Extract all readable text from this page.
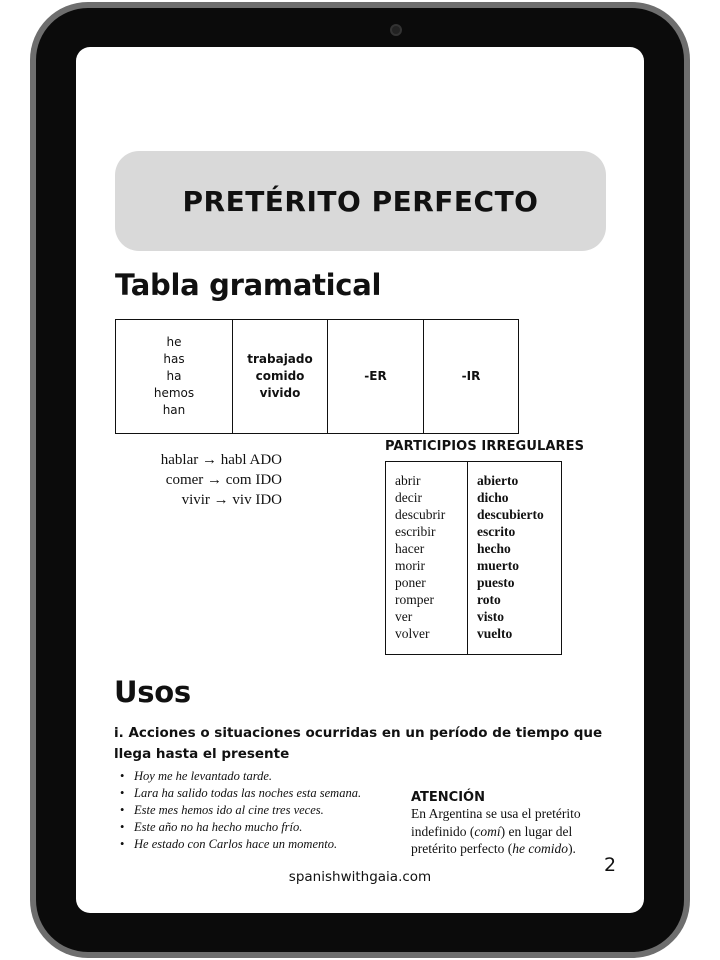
PRETÉRITO PERFECTO
Tabla gramatical
he
has
ha
hemos
han
trabajado
comido
vivido
-ER	-IR
hablar → habl ADO
comer → com IDO
vivir → viv IDO
PARTICIPIOS IRREGULARES
abrir
decir
descubrir
escribir
hacer
morir
poner
romper
ver
volver
abierto
dicho
descubierto
escrito
hecho
muerto
puesto
roto
visto
vuelto
Usos
i. Acciones o situaciones ocurridas en un período de tiempo que llega hasta el presente
• Hoy me he levantado tarde.
• Lara ha salido todas las noches esta semana.
• Este mes hemos ido al cine tres veces.
• Este año no ha hecho mucho frío.
• He estado con Carlos hace un momento.
ATENCIÓN
En Argentina se usa el pretérito indefinido (comí) en lugar del pretérito perfecto (he comido).
2
spanishwithgaia.com
